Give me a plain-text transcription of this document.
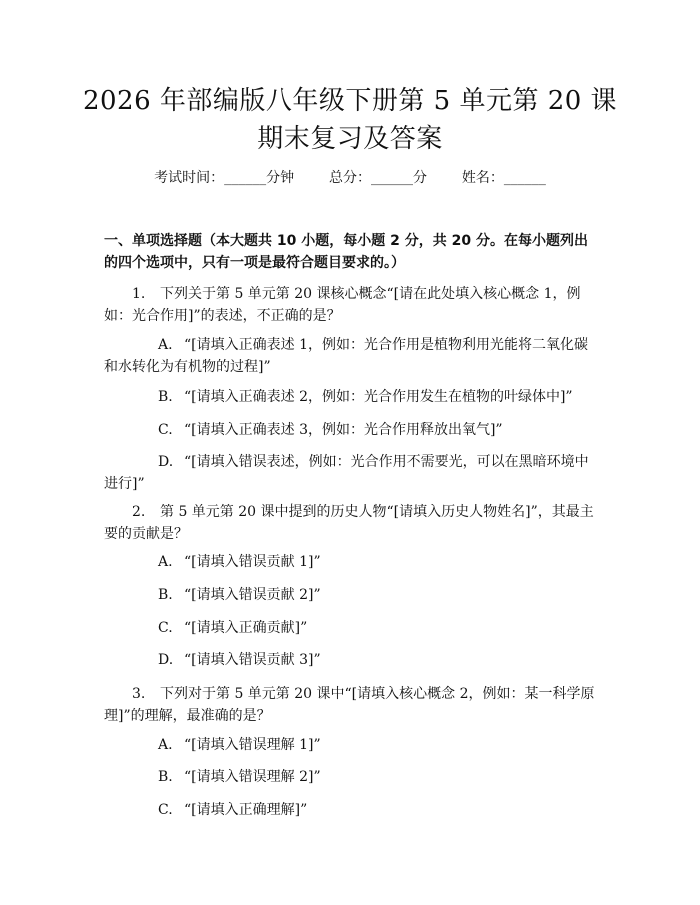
2026 年部编版八年级下册第 5 单元第 20 课
期末复习及答案
考试时间：______分钟 总分：______分 姓名：______
一、单项选择题（本大题共 10 小题，每小题 2 分，共 20 分。在每小题列出的四个选项中，只有一项是最符合题目要求的。）
1. 下列关于第 5 单元第 20 课核心概念“[请在此处填入核心概念 1，例如：光合作用]”的表述，不正确的是？
A. “[请填入正确表述 1，例如：光合作用是植物利用光能将二氧化碳和水转化为有机物的过程]”
B. “[请填入正确表述 2，例如：光合作用发生在植物的叶绿体中]”
C. “[请填入正确表述 3，例如：光合作用释放出氧气]”
D. “[请填入错误表述，例如：光合作用不需要光，可以在黑暗环境中进行]”
2. 第 5 单元第 20 课中提到的历史人物“[请填入历史人物姓名]”，其最主要的贡献是？
A. “[请填入错误贡献 1]”
B. “[请填入错误贡献 2]”
C. “[请填入正确贡献]”
D. “[请填入错误贡献 3]”
3. 下列对于第 5 单元第 20 课中“[请填入核心概念 2，例如：某一科学原理]”的理解，最准确的是？
A. “[请填入错误理解 1]”
B. “[请填入错误理解 2]”
C. “[请填入正确理解]”
